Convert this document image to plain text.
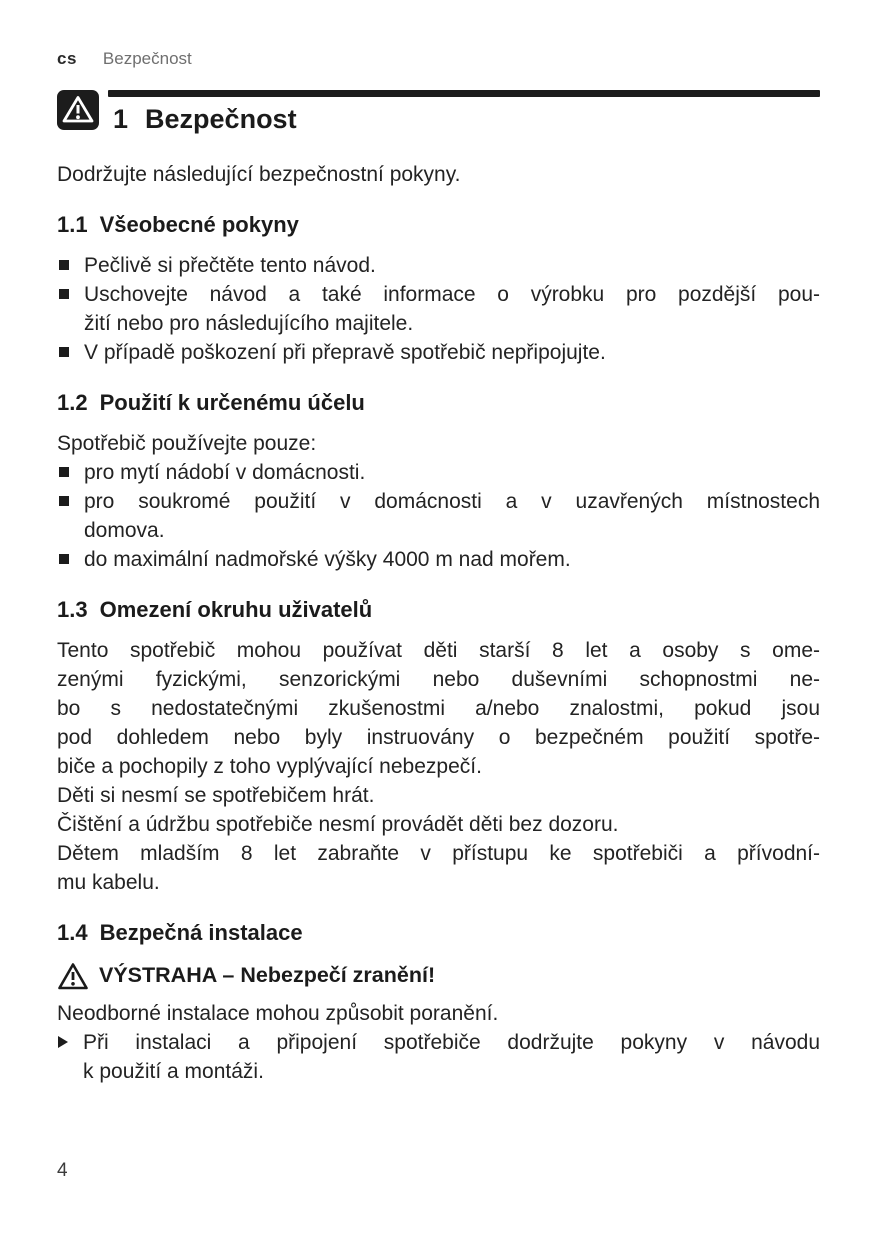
cs Bezpečnost
1 Bezpečnost

Dodržujte následující bezpečnostní pokyny.

1.1 Všeobecné pokyny
Pečlivě si přečtěte tento návod.
Uschovejte návod a také informace o výrobku pro pozdější pou-
žití nebo pro následujícího majitele.
V případě poškození při přepravě spotřebič nepřipojujte.
1.2 Použití k určenému účelu
Spotřebič používejte pouze:
pro mytí nádobí v domácnosti.
pro soukromé použití v domácnosti a v uzavřených místnostech
domova.
do maximální nadmořské výšky 4000 m nad mořem.
1.3 Omezení okruhu uživatelů
Tento spotřebič mohou používat děti starší 8 let a osoby s ome-
zenými fyzickými, senzorickými nebo duševními schopnostmi ne-
bo s nedostatečnými zkušenostmi a/nebo znalostmi, pokud jsou
pod dohledem nebo byly instruovány o bezpečném použití spotře-
biče a pochopily z toho vyplývající nebezpečí.
Děti si nesmí se spotřebičem hrát.
Čištění a údržbu spotřebiče nesmí provádět děti bez dozoru.
Dětem mladším 8 let zabraňte v přístupu ke spotřebiči a přívodní-
mu kabelu.
1.4 Bezpečná instalace
VÝSTRAHA – Nebezpečí zranění!
Neodborné instalace mohou způsobit poranění.
Při instalaci a připojení spotřebiče dodržujte pokyny v návodu
k použití a montáži.
4
